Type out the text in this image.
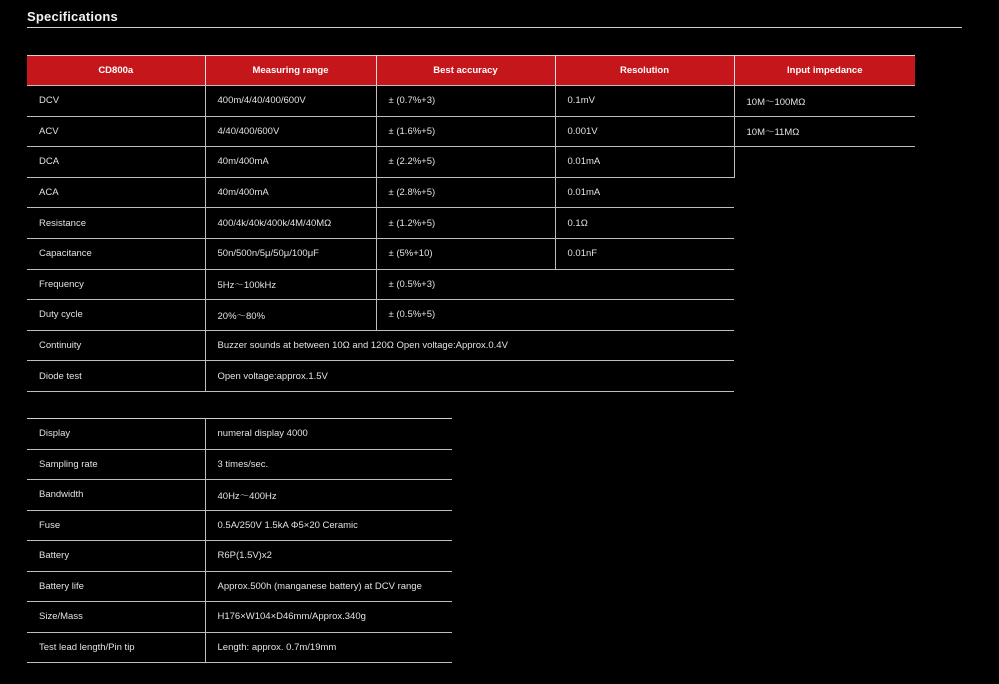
Specifications
CD800a	Measuring range	Best accuracy	Resolution	Input impedance
DCV	400m/4/40/400/600V	± (0.7%+3)	0.1mV	10M〜100MΩ
ACV	4/40/400/600V	± (1.6%+5)	0.001V	10M〜11MΩ
DCA	40m/400mA	± (2.2%+5)	0.01mA	
ACA	40m/400mA	± (2.8%+5)	0.01mA	
Resistance	400/4k/40k/400k/4M/40MΩ	± (1.2%+5)	0.1Ω	
Capacitance	50n/500n/5μ/50μ/100μF	± (5%+10)	0.01nF	
Frequency	5Hz〜100kHz	± (0.5%+3)		
Duty cycle	20%〜80%	± (0.5%+5)		
Continuity	Buzzer sounds at between 10Ω and 120Ω Open voltage:Approx.0.4V			
Diode test	Open voltage:approx.1.5V			
Display	numeral display 4000
Sampling rate	3 times/sec.
Bandwidth	40Hz〜400Hz
Fuse	0.5A/250V 1.5kA Φ5×20 Ceramic
Battery	R6P(1.5V)x2
Battery life	Approx.500h (manganese battery) at DCV range
Size/Mass	H176×W104×D46mm/Approx.340g
Test lead length/Pin tip	Length: approx. 0.7m/19mm
